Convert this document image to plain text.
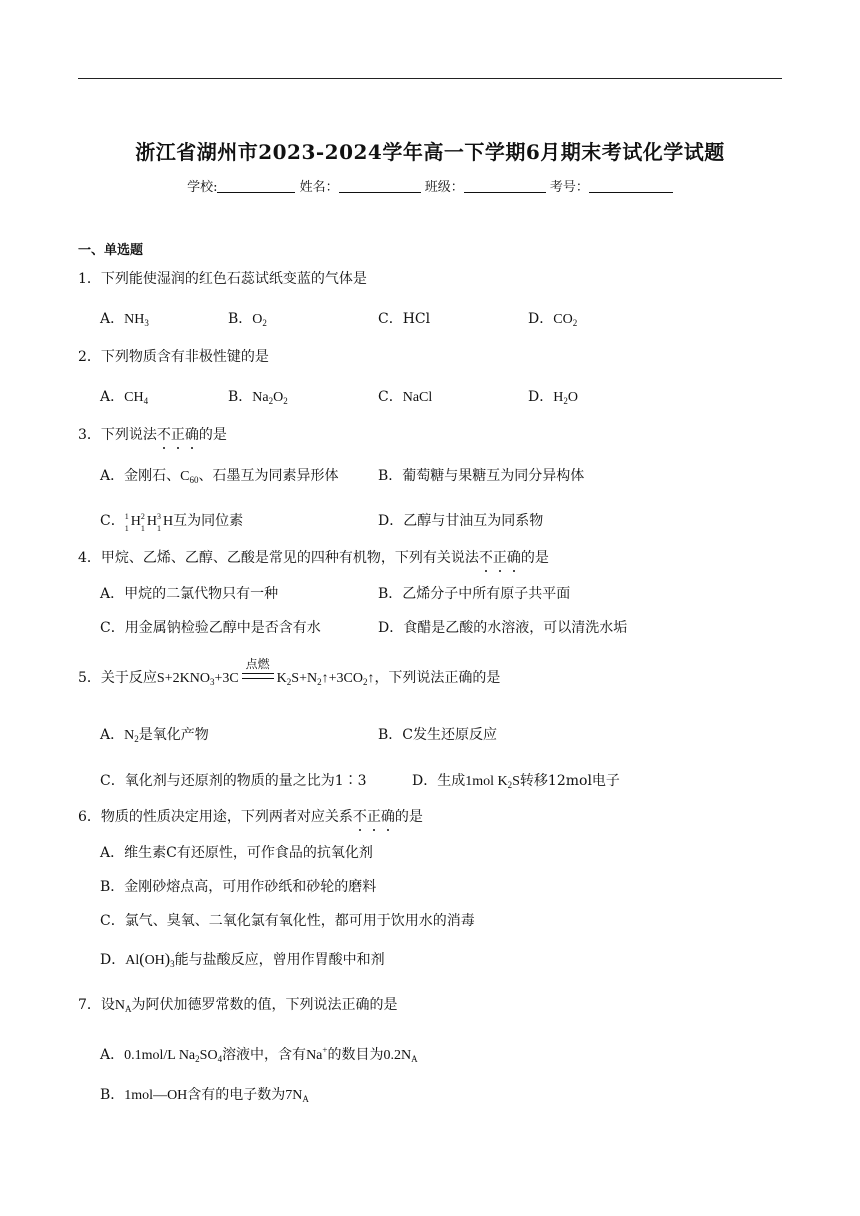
浙江省湖州市2023-2024学年高一下学期6月期末考试化学试题
学校:	姓名：	班级：	考号：
一、单选题
1．下列能使湿润的红色石蕊试纸变蓝的气体是
A．$NH_3$	B．$O_2$	C．HCl	D．$CO_2$
2．下列物质含有非极性键的是
A．$CH_4$	B．$Na_2O_2$	C．NaCl	D．$H_2O$
3．下列说法不正确的是
A．金刚石、$C_{60}$、石墨互为同素异形体	B．葡萄糖与果糖互为同分异构体
C． 1
1 H 2
1 H 3
1 H互为同位素	D．乙醇与甘油互为同系物
4．甲烷、乙烯、乙醇、乙酸是常见的四种有机物，下列有关说法不正确的是
A．甲烷的二氯代物只有一种	B．乙烯分子中所有原子共平面
C．用金属钠检验乙醇中是否含有水	D．食醋是乙酸的水溶液，可以清洗水垢
5．关于反应$S+2KNO_3+3C$
点燃
$K_2S+N_2↑+3CO_2↑$，下列说法正确的是
A．$N_2$是氧化产物	B．C发生还原反应
C．氧化剂与还原剂的物质的量之比为1∶3	D．生成1mol $K_2S$转移12mol电子
6．物质的性质决定用途，下列两者对应关系不正确的是
A．维生素C有还原性，可作食品的抗氧化剂
B．金刚砂熔点高，可用作砂纸和砂轮的磨料
C．氯气、臭氧、二氧化氯有氧化性，都可用于饮用水的消毒
D．$Al(OH)_3$能与盐酸反应，曾用作胃酸中和剂
7．设$N_A$为阿伏加德罗常数的值，下列说法正确的是
A．0.1mol/L $Na_2SO_4$溶液中，含有Na+的数目为$0.2N_A$
B．1mol—OH含有的电子数为$7N_A$
